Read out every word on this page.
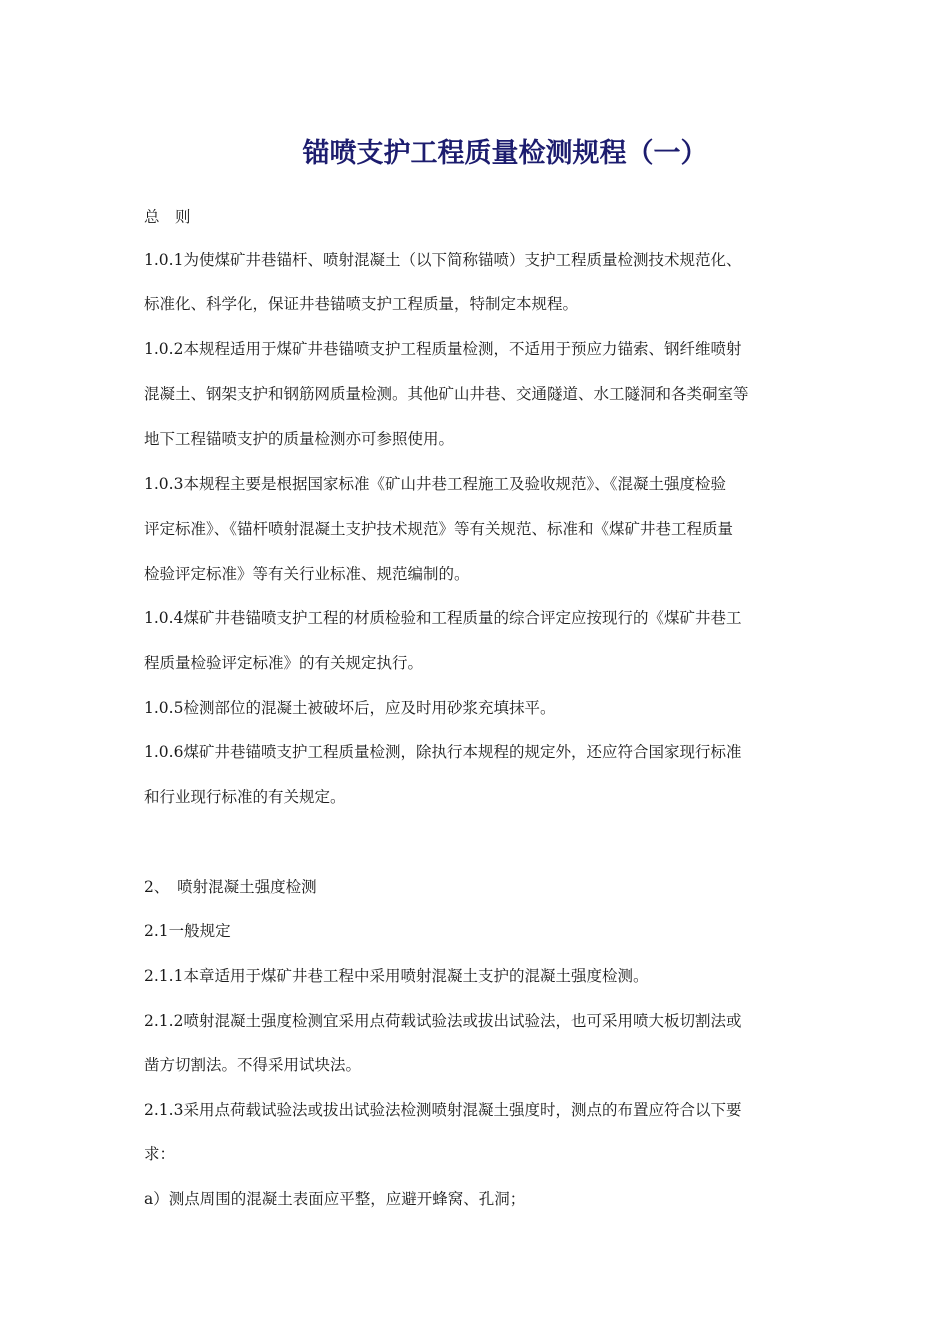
锚喷支护工程质量检测规程（一）
总　则
1.0.1为使煤矿井巷锚杆、喷射混凝土（以下简称锚喷）支护工程质量检测技术规范化、
标准化、科学化，保证井巷锚喷支护工程质量，特制定本规程。
1.0.2本规程适用于煤矿井巷锚喷支护工程质量检测，不适用于预应力锚索、钢纤维喷射
混凝土、钢架支护和钢筋网质量检测。其他矿山井巷、交通隧道、水工隧洞和各类硐室等
地下工程锚喷支护的质量检测亦可参照使用。
1.0.3本规程主要是根据国家标准《矿山井巷工程施工及验收规范》、《混凝土强度检验
评定标准》、《锚杆喷射混凝土支护技术规范》等有关规范、标准和《煤矿井巷工程质量
检验评定标准》等有关行业标准、规范编制的。
1.0.4煤矿井巷锚喷支护工程的材质检验和工程质量的综合评定应按现行的《煤矿井巷工
程质量检验评定标准》的有关规定执行。
1.0.5检测部位的混凝土被破坏后，应及时用砂浆充填抹平。
1.0.6煤矿井巷锚喷支护工程质量检测，除执行本规程的规定外，还应符合国家现行标准
和行业现行标准的有关规定。
2、　喷射混凝土强度检测
2.1一般规定
2.1.1本章适用于煤矿井巷工程中采用喷射混凝土支护的混凝土强度检测。
2.1.2喷射混凝土强度检测宜采用点荷载试验法或拔出试验法，也可采用喷大板切割法或
凿方切割法。不得采用试块法。
2.1.3采用点荷载试验法或拔出试验法检测喷射混凝土强度时，测点的布置应符合以下要
求：
a）测点周围的混凝土表面应平整，应避开蜂窝、孔洞；
